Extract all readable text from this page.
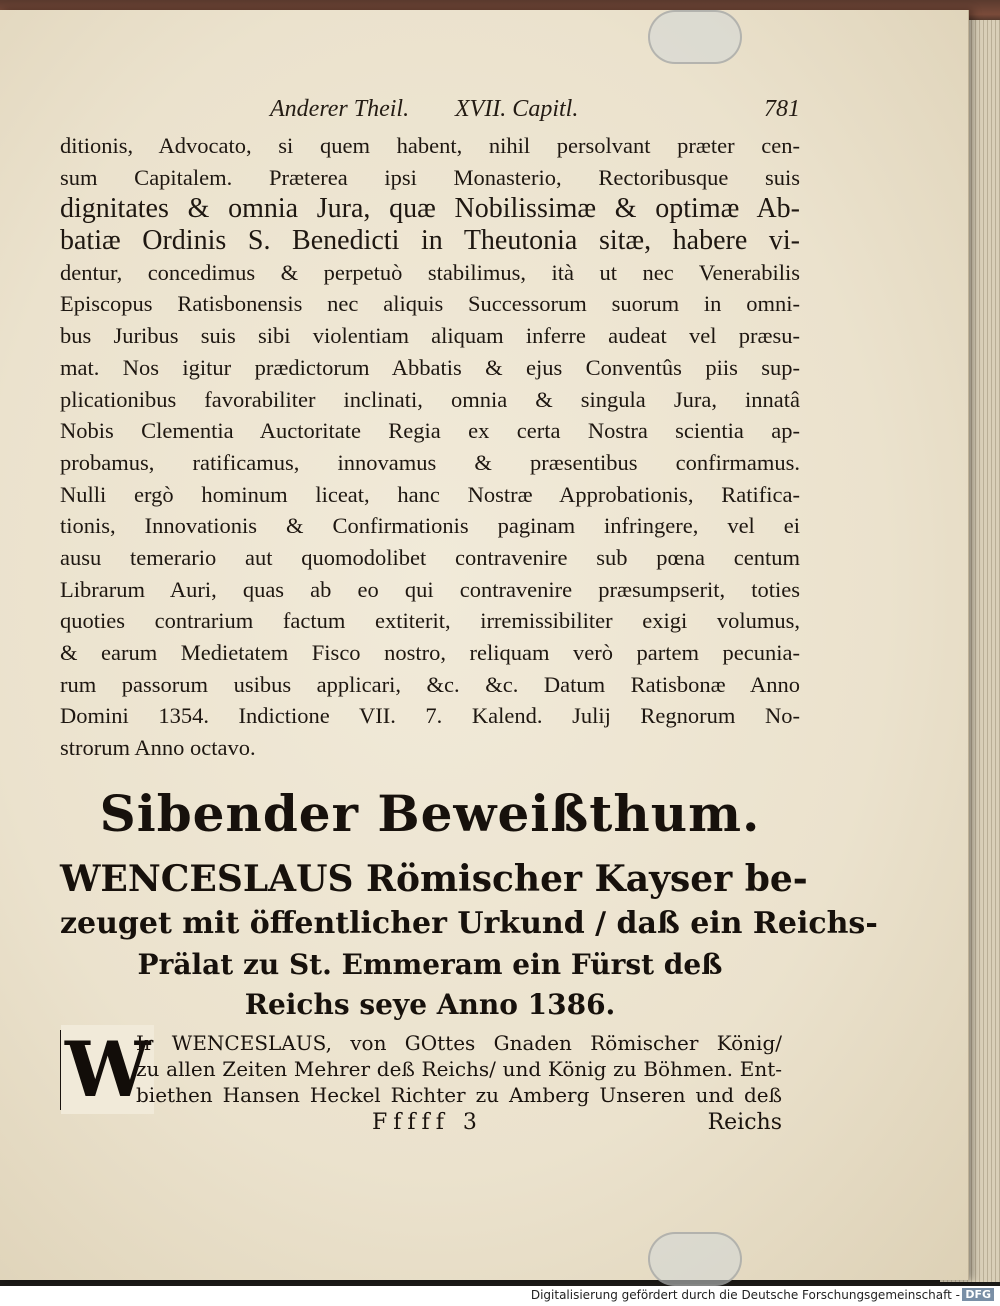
Anderer Theil. XVII. Capitl.	781
ditionis, Advocato, si quem habent, nihil persolvant præter cen-
sum Capitalem. Præterea ipsi Monasterio, Rectoribusque suis
dignitates & omnia Jura, quæ Nobilissimæ & optimæ Ab-
batiæ Ordinis S. Benedicti in Theutonia sitæ, habere vi-
dentur, concedimus & perpetuò stabilimus, ità ut nec Venerabilis
Episcopus Ratisbonensis nec aliquis Successorum suorum in omni-
bus Juribus suis sibi violentiam aliquam inferre audeat vel præsu-
mat. Nos igitur prædictorum Abbatis & ejus Conventûs piis sup-
plicationibus favorabiliter inclinati, omnia & singula Jura, innatâ
Nobis Clementia Auctoritate Regia ex certa Nostra scientia ap-
probamus, ratificamus, innovamus & præsentibus confirmamus.
Nulli ergò hominum liceat, hanc Nostræ Approbationis, Ratifica-
tionis, Innovationis & Confirmationis paginam infringere, vel ei
ausu temerario aut quomodolibet contravenire sub pœna centum
Librarum Auri, quas ab eo qui contravenire præsumpserit, toties
quoties contrarium factum extiterit, irremissibiliter exigi volumus,
& earum Medietatem Fisco nostro, reliquam verò partem pecunia-
rum passorum usibus applicari, &c. &c. Datum Ratisbonæ Anno
Domini 1354. Indictione VII. 7. Kalend. Julij Regnorum No-
strorum Anno octavo.
Sibender Beweißthum.
WENCESLAUS Römischer Kayser be-
zeuget mit öffentlicher Urkund / daß ein Reichs-
Prälat zu St. Emmeram ein Fürst deß
Reichs seye Anno 1386.
W
Ir WENCESLAUS, von GOttes Gnaden Römischer König/
zu allen Zeiten Mehrer deß Reichs/ und König zu Böhmen. Ent-
biethen Hansen Heckel Richter zu Amberg Unseren und deß
Fffff 3	Reichs
Digitalisierung gefördert durch die Deutsche Forschungsgemeinschaft - DFG
